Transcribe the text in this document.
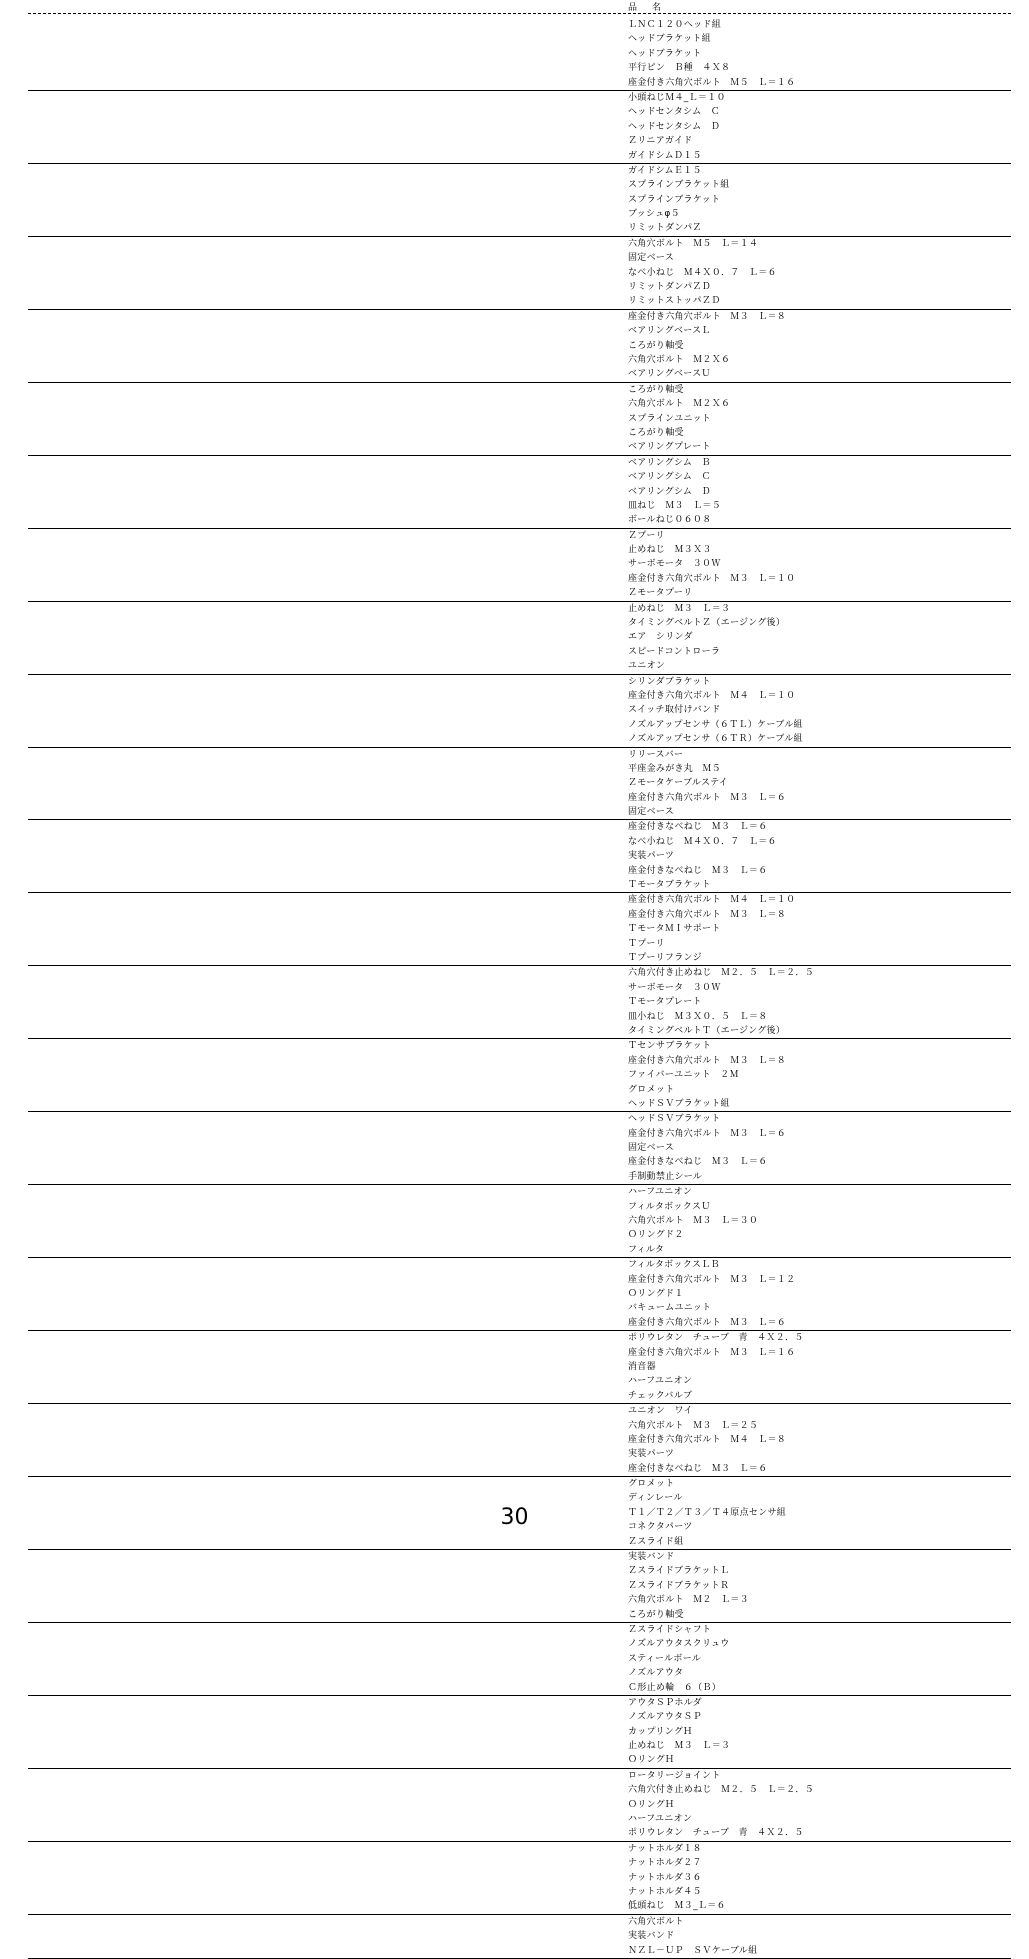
品　名
ＬＮＣ１２０ヘッド組
ヘッドブラケット組
ヘッドブラケット
平行ピン　Ｂ種　４Ｘ８
座金付き六角穴ボルト　Ｍ５　Ｌ＝１６
小頭ねじＭ４_Ｌ＝１０
ヘッドセンタシム　Ｃ
ヘッドセンタシム　Ｄ
Ｚリニアガイド
ガイドシムＤ１５
ガイドシムＥ１５
スプラインブラケット組
スプラインブラケット
ブッシュφ５
リミットダンパＺ
六角穴ボルト　Ｍ５　Ｌ＝１４
固定ベース
なべ小ねじ　Ｍ４Ｘ０．７　Ｌ＝６
リミットダンパＺＤ
リミットストッパＺＤ
座金付き六角穴ボルト　Ｍ３　Ｌ＝８
ベアリングベースＬ
ころがり軸受
六角穴ボルト　Ｍ２Ｘ６
ベアリングベースＵ
ころがり軸受
六角穴ボルト　Ｍ２Ｘ６
スプラインユニット
ころがり軸受
ベアリングプレート
ベアリングシム　Ｂ
ベアリングシム　Ｃ
ベアリングシム　Ｄ
皿ねじ　Ｍ３　Ｌ＝５
ボールねじ０６０８
Ｚプーリ
止めねじ　Ｍ３Ｘ３
サーボモータ　３０Ｗ
座金付き六角穴ボルト　Ｍ３　Ｌ＝１０
Ｚモータプーリ
止めねじ　Ｍ３　Ｌ＝３
タイミングベルトＺ（エージング後）
エア　シリンダ
スピードコントローラ
ユニオン
シリンダブラケット
座金付き六角穴ボルト　Ｍ４　Ｌ＝１０
スイッチ取付けバンド
ノズルアップセンサ（６ＴＬ）ケーブル組
ノズルアップセンサ（６ＴＲ）ケーブル組
リリースバー
平座金みがき丸　Ｍ５
Ｚモータケーブルステイ
座金付き六角穴ボルト　Ｍ３　Ｌ＝６
固定ベース
座金付きなべねじ　Ｍ３　Ｌ＝６
なべ小ねじ　Ｍ４Ｘ０．７　Ｌ＝６
実装パーツ
座金付きなべねじ　Ｍ３　Ｌ＝６
Ｔモータブラケット
座金付き六角穴ボルト　Ｍ４　Ｌ＝１０
座金付き六角穴ボルト　Ｍ３　Ｌ＝８
ＴモータＭＩサポート
Ｔプーリ
Ｔプーリフランジ
六角穴付き止めねじ　Ｍ２．５　Ｌ＝２．５
サーボモータ　３０Ｗ
Ｔモータプレート
皿小ねじ　Ｍ３Ｘ０．５　Ｌ＝８
タイミングベルトＴ（エージング後）
Ｔセンサブラケット
座金付き六角穴ボルト　Ｍ３　Ｌ＝８
ファイバーユニット　２Ｍ
グロメット
ヘッドＳＶブラケット組
ヘッドＳＶブラケット
座金付き六角穴ボルト　Ｍ３　Ｌ＝６
固定ベース
座金付きなべねじ　Ｍ３　Ｌ＝６
手制動禁止シール
ハーフユニオン
フィルタボックスＵ
六角穴ボルト　Ｍ３　Ｌ＝３０
Ｏリングド２
フィルタ
フィルタボックスＬＢ
座金付き六角穴ボルト　Ｍ３　Ｌ＝１２
Ｏリングド１
バキュームユニット
座金付き六角穴ボルト　Ｍ３　Ｌ＝６
ポリウレタン　チューブ　青　４Ｘ２．５
座金付き六角穴ボルト　Ｍ３　Ｌ＝１６
消音器
ハーフユニオン
チェックバルブ
ユニオン　ワイ
六角穴ボルト　Ｍ３　Ｌ＝２５
座金付き六角穴ボルト　Ｍ４　Ｌ＝８
実装パーツ
座金付きなべねじ　Ｍ３　Ｌ＝６
グロメット
ディンレール
Ｔ１／Ｔ２／Ｔ３／Ｔ４原点センサ組
コネクタパーツ
Ｚスライド組
実装バンド
ＺスライドブラケットＬ
ＺスライドブラケットＲ
六角穴ボルト　Ｍ２　Ｌ＝３
ころがり軸受
Ｚスライドシャフト
ノズルアウタスクリュウ
スティールボール
ノズルアウタ
Ｃ形止め輪　６（Ｂ）
アウタＳＰホルダ
ノズルアウタＳＰ
カップリングＨ
止めねじ　Ｍ３　Ｌ＝３
ＯリングＨ
ロータリージョイント
六角穴付き止めねじ　Ｍ２．５　Ｌ＝２．５
ＯリングＨ
ハーフユニオン
ポリウレタン　チューブ　青　４Ｘ２．５
ナットホルダ１８
ナットホルダ２７
ナットホルダ３６
ナットホルダ４５
低頭ねじ　Ｍ３_Ｌ＝６
六角穴ボルト
実装バンド
ＮＺＬ－ＵＰ　ＳＶケーブル組
30
